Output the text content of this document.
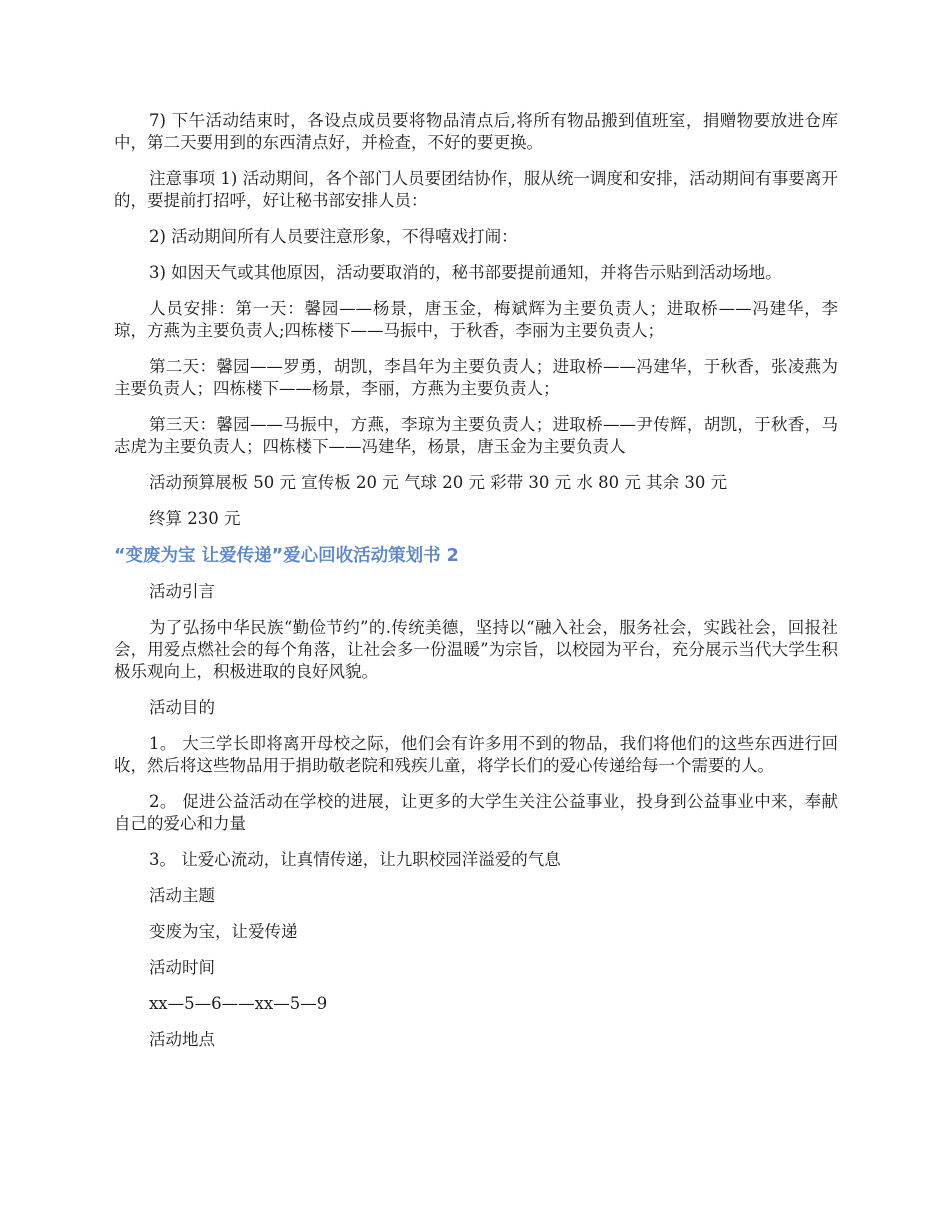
7) 下午活动结束时，各设点成员要将物品清点后,将所有物品搬到值班室，捐赠物要放进仓库中，第二天要用到的东西清点好，并检查，不好的要更换。

注意事项 1) 活动期间，各个部门人员要团结协作，服从统一调度和安排，活动期间有事要离开的，要提前打招呼，好让秘书部安排人员：

2) 活动期间所有人员要注意形象，不得嘻戏打闹：

3) 如因天气或其他原因，活动要取消的，秘书部要提前通知，并将告示贴到活动场地。

人员安排：第一天：馨园——杨景，唐玉金，梅斌辉为主要负责人；进取桥——冯建华，李琼，方燕为主要负责人;四栋楼下——马振中，于秋香，李丽为主要负责人；

第二天：馨园——罗勇，胡凯，李昌年为主要负责人；进取桥——冯建华，于秋香，张凌燕为主要负责人；四栋楼下——杨景，李丽，方燕为主要负责人；

第三天：馨园——马振中，方燕，李琼为主要负责人；进取桥——尹传辉，胡凯，于秋香，马志虎为主要负责人；四栋楼下——冯建华，杨景，唐玉金为主要负责人

活动预算展板 50 元 宣传板 20 元 气球 20 元 彩带 30 元 水 80 元 其余 30 元

终算 230 元

“变废为宝 让爱传递”爱心回收活动策划书 2

活动引言

为了弘扬中华民族“勤俭节约”的.传统美德，坚持以“融入社会，服务社会，实践社会，回报社会，用爱点燃社会的每个角落，让社会多一份温暖”为宗旨，以校园为平台，充分展示当代大学生积极乐观向上，积极进取的良好风貌。

活动目的

1。 大三学长即将离开母校之际，他们会有许多用不到的物品，我们将他们的这些东西进行回收，然后将这些物品用于捐助敬老院和残疾儿童，将学长们的爱心传递给每一个需要的人。

2。 促进公益活动在学校的进展，让更多的大学生关注公益事业，投身到公益事业中来，奉献自己的爱心和力量

3。 让爱心流动，让真情传递，让九职校园洋溢爱的气息

活动主题

变废为宝，让爱传递

活动时间

xx—5—6——xx—5—9

活动地点
